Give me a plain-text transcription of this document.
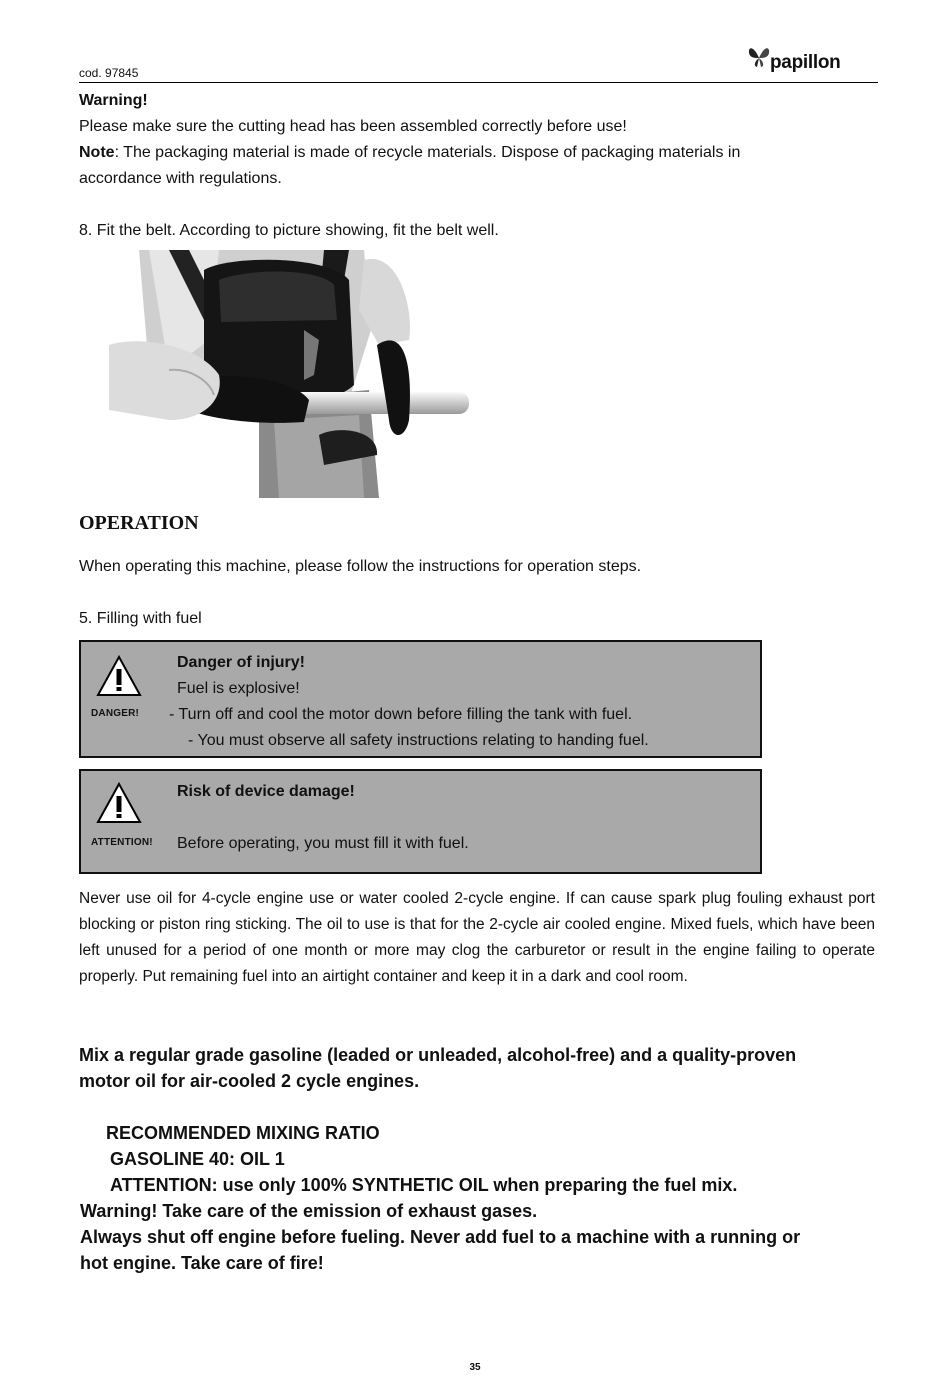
cod. 97845	papillon
Warning!
Please make sure the cutting head has been assembled correctly before use!
Note: The packaging material is made of recycle materials. Dispose of packaging materials in
accordance with regulations.
8. Fit the belt. According to picture showing, fit the belt well.
OPERATION
When operating this machine, please follow the instructions for operation steps.
5. Filling with fuel
DANGER!
Danger of injury!
Fuel is explosive!
- Turn off and cool the motor down before filling the tank with fuel.
- You must observe all safety instructions relating to handing fuel.
Risk of device damage!
ATTENTION! Before operating, you must fill it with fuel.
Never use oil for 4-cycle engine use or water cooled 2-cycle engine. If can cause spark plug fouling exhaust port blocking or piston ring sticking. The oil to use is that for the 2-cycle air cooled engine. Mixed fuels, which have been left unused for a period of one month or more may clog the carburetor or result in the engine failing to operate properly. Put remaining fuel into an airtight container and keep it in a dark and cool room.
Mix a regular grade gasoline (leaded or unleaded, alcohol-free) and a quality-proven
motor oil for air-cooled 2 cycle engines.
RECOMMENDED MIXING RATIO
GASOLINE 40: OIL 1
ATTENTION: use only 100% SYNTHETIC OIL when preparing the fuel mix.
Warning! Take care of the emission of exhaust gases.
Always shut off engine before fueling. Never add fuel to a machine with a running or
hot engine. Take care of fire!
35
